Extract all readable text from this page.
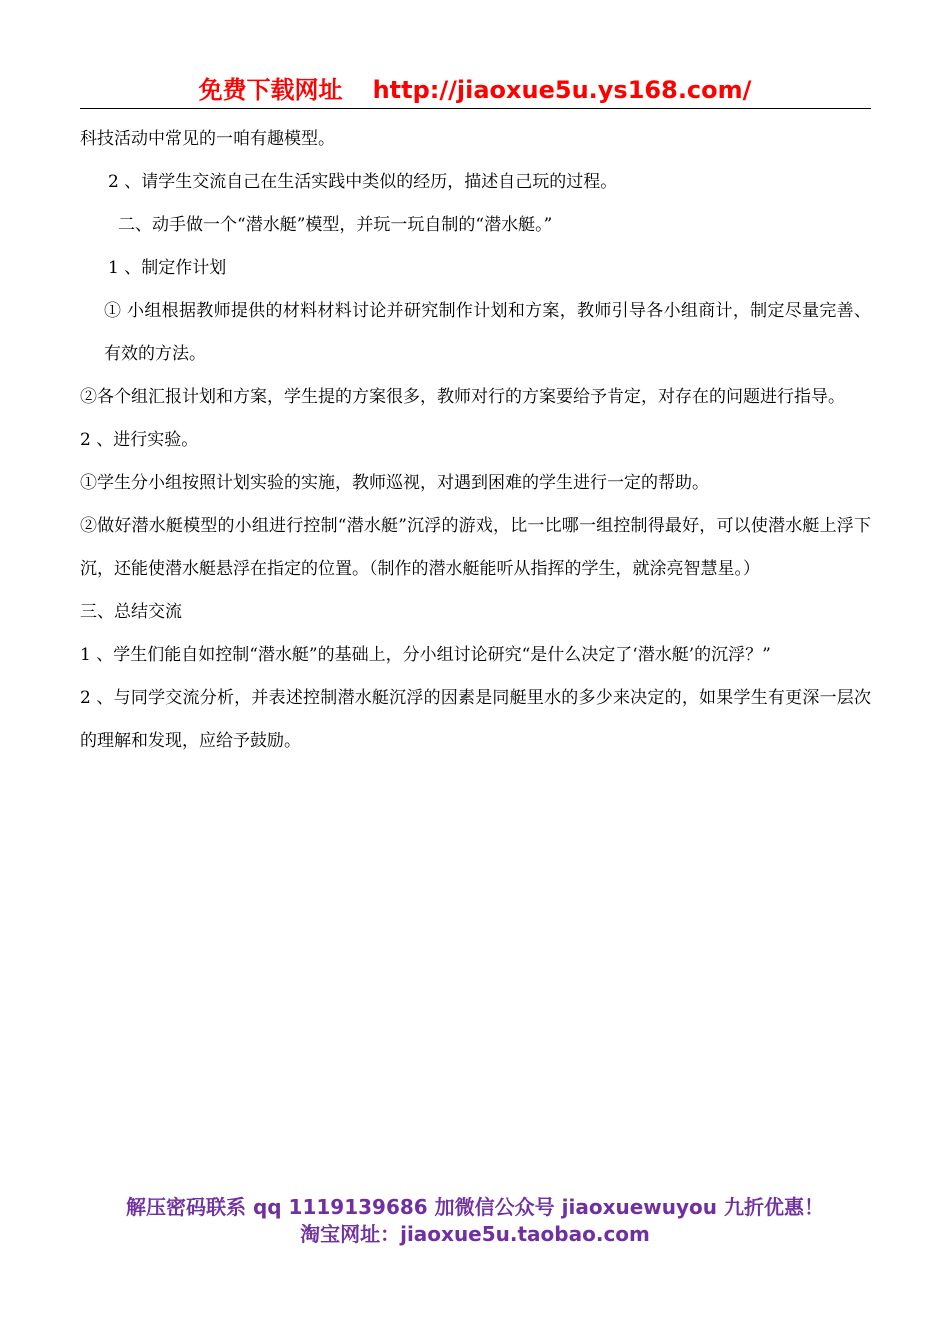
免费下载网址 http://jiaoxue5u.ys168.com/

科技活动中常见的一咱有趣模型。

2 、请学生交流自己在生活实践中类似的经历，描述自己玩的过程。

二、动手做一个“潜水艇”模型，并玩一玩自制的“潜水艇。”

1 、制定作计划

① 小组根据教师提供的材料材料讨论并研究制作计划和方案，教师引导各小组商计，制定尽量完善、有效的方法。

②各个组汇报计划和方案，学生提的方案很多，教师对行的方案要给予肯定，对存在的问题进行指导。

2 、进行实验。

①学生分小组按照计划实验的实施，教师巡视，对遇到困难的学生进行一定的帮助。

②做好潜水艇模型的小组进行控制“潜水艇”沉浮的游戏，比一比哪一组控制得最好，可以使潜水艇上浮下沉，还能使潜水艇悬浮在指定的位置。（制作的潜水艇能听从指挥的学生，就涂亮智慧星。）

三、总结交流

1 、学生们能自如控制“潜水艇”的基础上，分小组讨论研究“是什么决定了‘潜水艇’的沉浮？”

2 、与同学交流分析，并表述控制潜水艇沉浮的因素是同艇里水的多少来决定的，如果学生有更深一层次的理解和发现，应给予鼓励。

解压密码联系 qq 1119139686 加微信公众号 jiaoxuewuyou 九折优惠！
淘宝网址：jiaoxue5u.taobao.com
